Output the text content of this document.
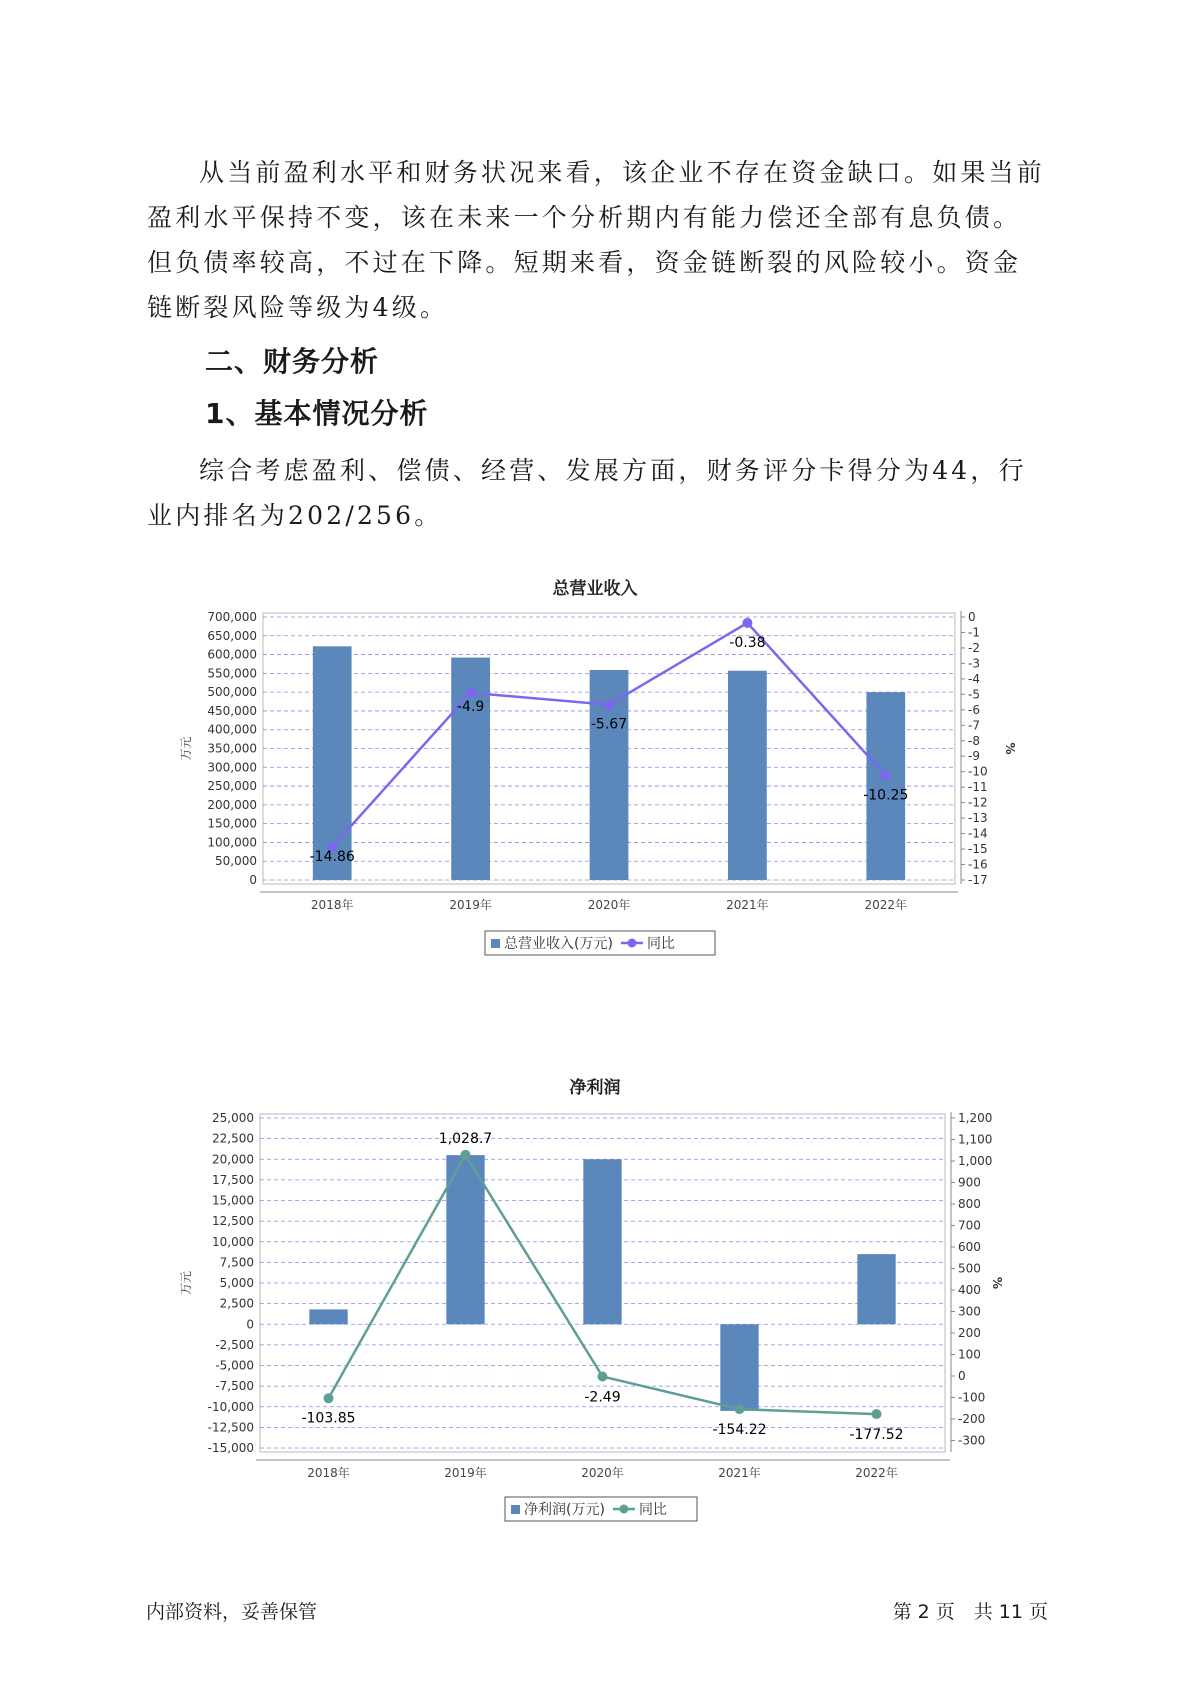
从当前盈利水平和财务状况来看，该企业不存在资金缺口。如果当前盈利水平保持不变，该在未来一个分析期内有能力偿还全部有息负债。但负债率较高，不过在下降。短期来看，资金链断裂的风险较小。资金链断裂风险等级为4级。

二、财务分析
1、基本情况分析

综合考虑盈利、偿债、经营、发展方面，财务评分卡得分为44，行业内排名为202/256。

总营业收入
0
50,000
100,000
150,000
200,000
250,000
300,000
350,000
400,000
450,000
500,000
550,000
600,000
650,000
700,000	0
-1
-2
-3
-4
-5
-6
-7
-8
-9
-10
-11
-12
-13
-14
-15
-16
-17
万元	%
2018年	2019年	2020年	2021年	2022年
-14.86
-4.9
-5.67
-0.38
-10.25
总营业收入(万元) 同比
净利润
25,000
22,500
20,000
17,500
15,000
12,500
10,000
7,500
5,000
2,500
0
-2,500
-5,000
-7,500
-10,000
-12,500
-15,000
1,200
1,100
1,000
900
800
700
600
500
400
300
200
100
0
-100
-200
-300
万元	%
2018年	2019年	2020年	2021年	2022年
-103.85
1,028.7
-2.49
-154.22	-177.52
净利润(万元) 同比

内部资料，妥善保管	第 2 页　共 11 页
